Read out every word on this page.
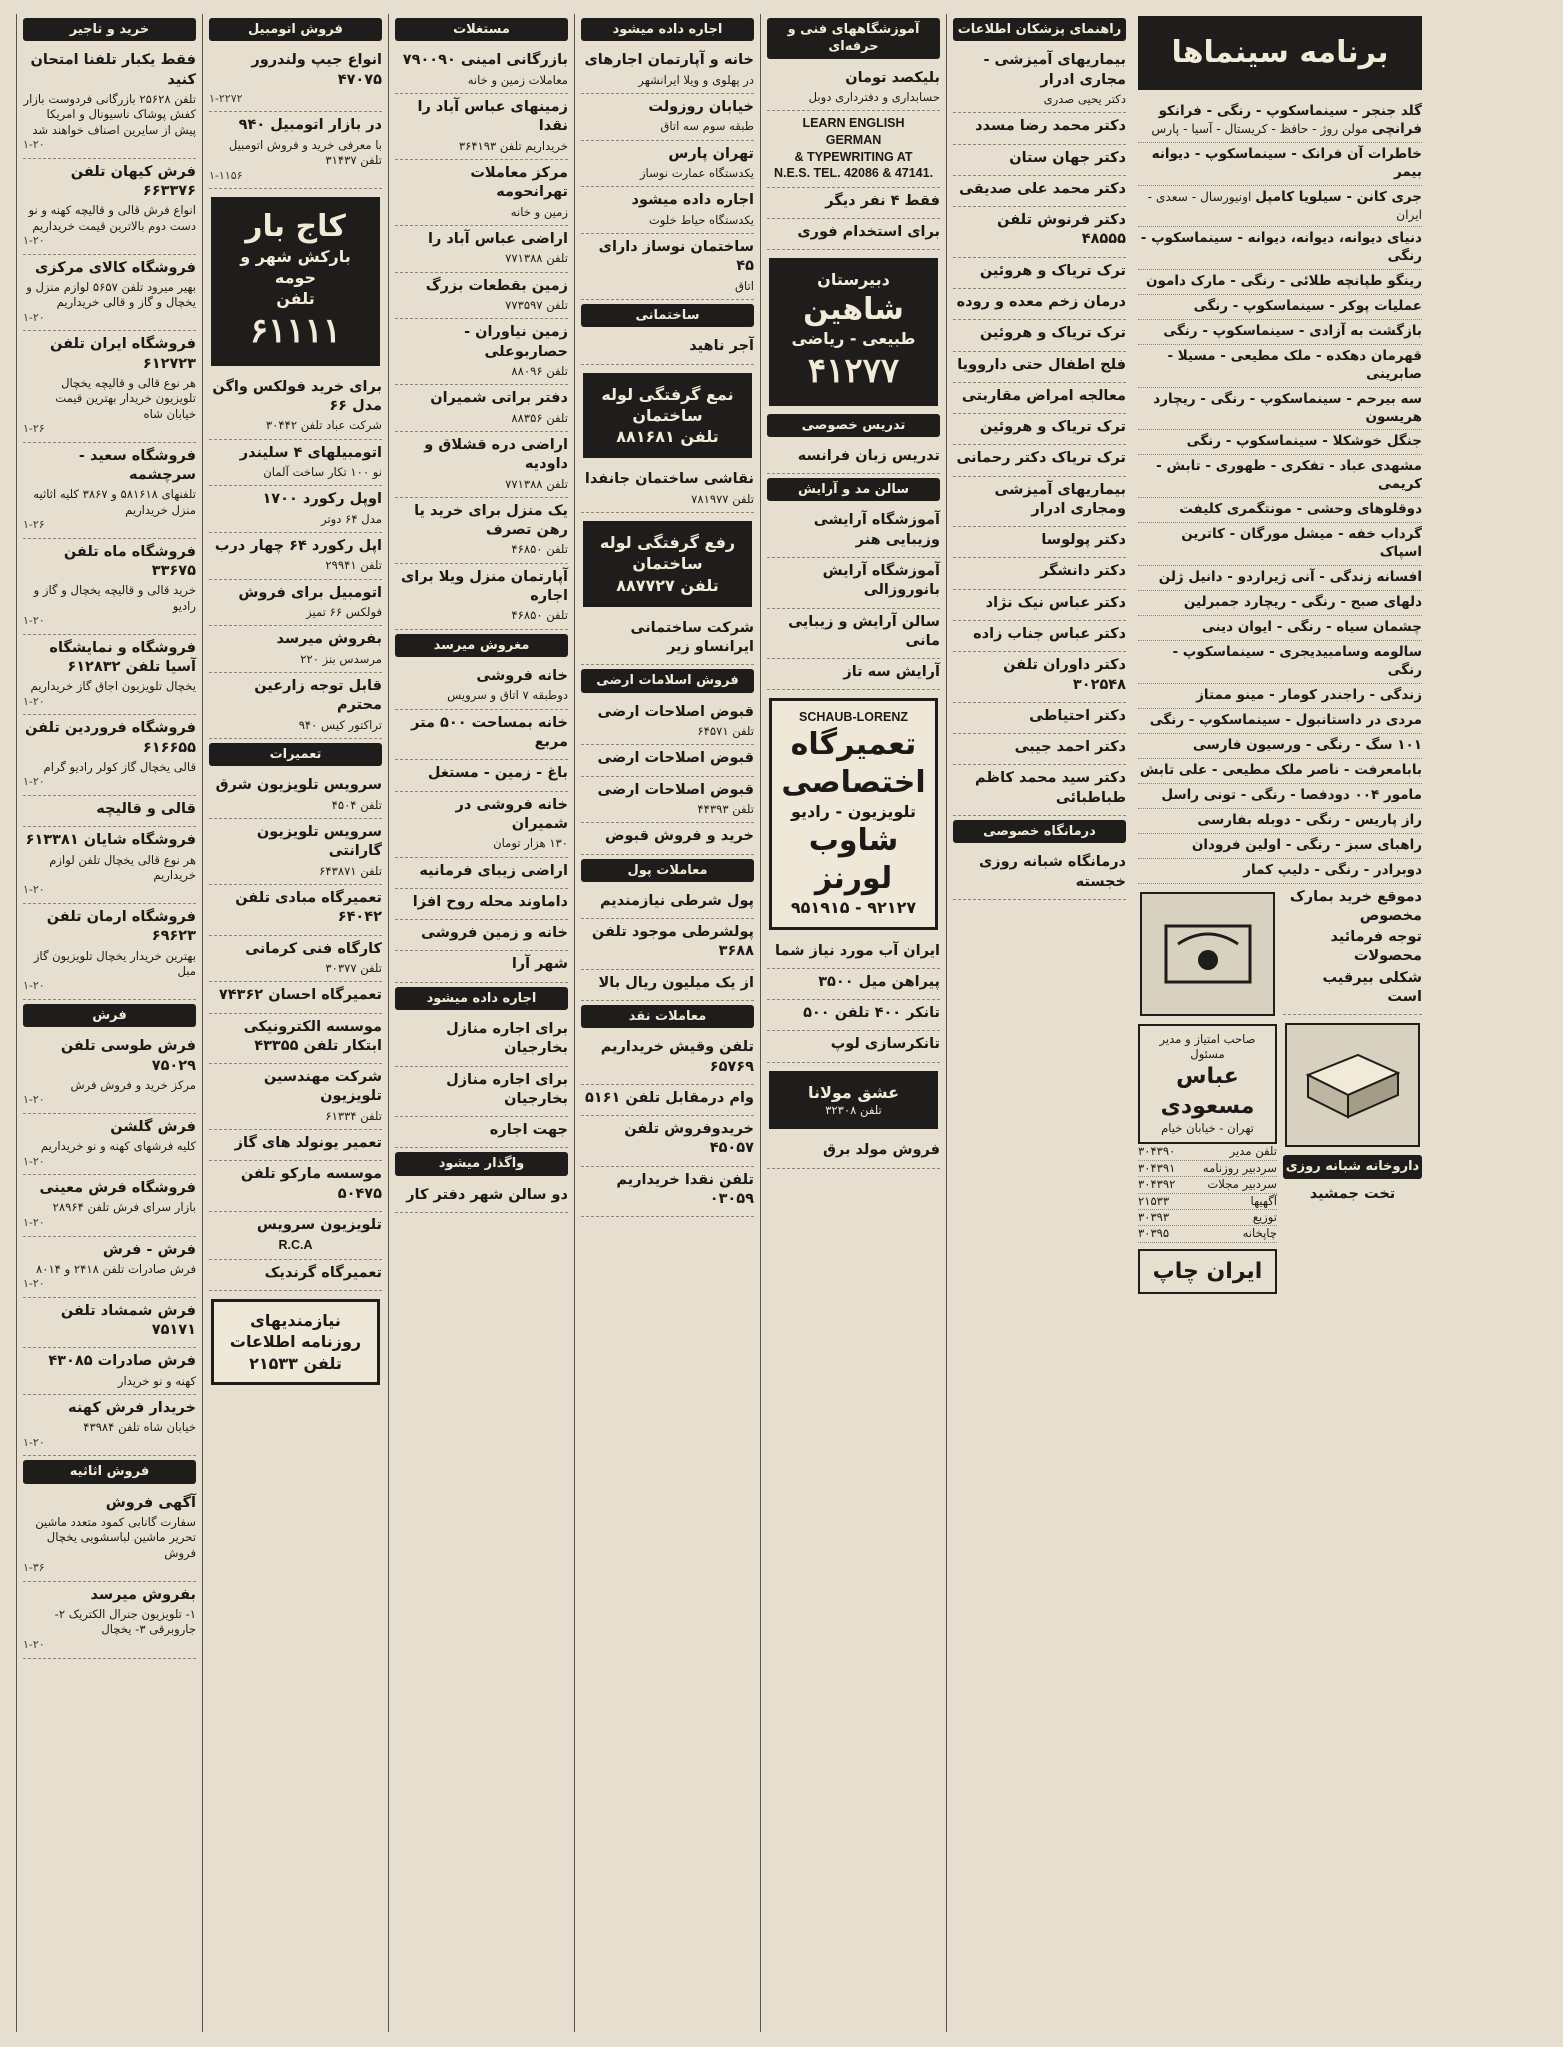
خرید و تاجیر
فقط یکبار تلفنا امتحان کنید
تلفن ۲۵۶۲۸ بازرگانی فردوست بازار کفش پوشاک ناسیونال و امریکا پیش از سایرین اصناف خواهند شد
۱-۲۰
فرش کیهان تلفن ۶۶۳۳۷۶
انواع فرش قالی و قالیچه کهنه و نو دست دوم بالاترین قیمت خریداریم
۱-۲۰
فروشگاه کالای مرکزی
بهیر میرود تلفن ۵۶۵۷ لوازم منزل و یخچال و گاز و قالی خریداریم
۱-۲۰
فروشگاه ایران تلفن ۶۱۲۷۲۳
هر نوع قالی و قالیچه یخچال تلویزیون خریدار بهترین قیمت خیابان شاه
۱-۲۶
فروشگاه سعید - سرچشمه
تلفنهای ۵۸۱۶۱۸ و ۳۸۶۷ کلیه اثاثیه منزل خریداریم
۱-۲۶
فروشگاه ماه تلفن ۳۳۶۷۵
خرید قالی و قالیچه یخچال و گاز و رادیو
۱-۲۰
فروشگاه و نمایشگاه آسیا تلفن ۶۱۲۸۳۲
یخچال تلویزیون اجاق گاز خریداریم
۱-۲۰
فروشگاه فروردین تلفن ۶۱۶۶۵۵
قالی یخچال گاز کولر رادیو گرام
۱-۲۰
قالی و قالیچه
فروشگاه شایان ۶۱۳۳۸۱
هر نوع قالی یخچال تلفن لوازم خریداریم
۱-۲۰
فروشگاه ارمان تلفن ۶۹۶۲۳
بهترین خریدار یخچال تلویزیون گاز مبل
۱-۲۰
فرش
فرش طوسی تلفن ۷۵۰۲۹
مرکز خرید و فروش فرش
۱-۲۰
فرش گلشن
کلیه فرشهای کهنه و نو خریداریم
۱-۲۰
فروشگاه فرش معینی
بازار سرای فرش تلفن ۲۸۹۶۴
۱-۲۰
فرش - فرش
فرش صادرات تلفن ۲۴۱۸ و ۸۰۱۴
۱-۲۰
فرش شمشاد تلفن ۷۵۱۷۱
فرش صادرات ۴۳۰۸۵
کهنه و نو خریدار
خریدار فرش کهنه
خیابان شاه تلفن ۴۳۹۸۴
۱-۲۰
فروش اثاثیه
آگهی فروش
سفارت گانابی کمود متعدد ماشین تحریر ماشین لباسشویی یخچال فروش
۱-۳۶
بفروش میرسد
۱- تلویزیون جنرال الکتریک ۲- جاروبرقی ۳- یخچال
۱-۲۰
فروش اتومبیل
انواع جیپ ولندرور ۴۷۰۷۵
۱-۲۲۷۲
در بازار اتومبیل ۹۴۰
با معرفی خرید و فروش اتومبیل تلفن ۳۱۴۳۷
۱-۱۱۵۶
کاج بار
بارکش شهر و حومه
تلفن
۶۱۱۱۱
برای خرید فولکس واگن مدل ۶۶
شرکت عباد تلفن ۳۰۴۴۲
اتومبیلهای ۴ سلیندر
نو ۱۰۰ تکار ساخت آلمان
اوپل رکورد ۱۷۰۰
مدل ۶۴ دوتر
اپل رکورد ۶۴ چهار درب
تلفن ۲۹۹۴۱
اتومبیل برای فروش
فولکس ۶۶ تمیز
بفروش میرسد
مرسدس بنز ۲۲۰
قابل توجه زارعین محترم
تراکتور کیس ۹۴۰
تعمیرات
سرویس تلویزیون شرق
تلفن ۴۵۰۴
سرویس تلویزیون گارانتی
تلفن ۶۴۳۸۷۱
تعمیرگاه مبادی تلفن ۶۴۰۴۲
کارگاه فنی کرمانی
تلفن ۳۰۳۷۷
تعمیرگاه احسان ۷۴۳۶۲
موسسه الکترونیکی ابتکار تلفن ۴۳۳۵۵
شرکت مهندسین تلویزیون
تلفن ۶۱۳۳۴
تعمیر یونولد های گاز
موسسه مارکو تلفن ۵۰۴۷۵
تلویزیون سرویس
R.C.A
تعمیرگاه گرندیک
نیازمندیهای
روزنامه اطلاعات
تلفن ۲۱۵۳۳
مستغلات
بازرگانی امینی ۷۹۰۰۹۰
معاملات زمین و خانه
زمینهای عباس آباد را نقدا
خریداریم تلفن ۳۶۴۱۹۳
مرکز معاملات تهرانحومه
زمین و خانه
اراضی عباس آباد را
تلفن ۷۷۱۳۸۸
زمین بقطعات بزرگ
تلفن ۷۷۳۵۹۷
زمین نیاوران - حصاربوعلی
تلفن ۸۸۰۹۶
دفتر براتی شمیران
تلفن ۸۸۳۵۶
اراضی دره قشلاق و داودیه
تلفن ۷۷۱۳۸۸
یک منزل برای خرید یا رهن تصرف
تلفن ۴۶۸۵۰
آپارتمان منزل ویلا برای اجاره
تلفن ۴۶۸۵۰
مغروش میرسد
خانه فروشی
دوطبقه ۷ اتاق و سرویس
خانه بمساحت ۵۰۰ متر مربع
باغ - زمین - مستغل
خانه فروشی در شمیران
۱۳۰ هزار تومان
اراضی زیبای فرمانیه
داماوند محله روح افزا
خانه و زمین فروشی
شهر آرا
اجاره داده میشود
برای اجاره منازل بخارجیان
برای اجاره منازل بخارجیان
جهت اجاره
واگذار میشود
دو سالن شهر دفتر کار
اجاره داده میشود
خانه و آپارتمان اجارهای
در پهلوی و ویلا ایرانشهر
خیابان روزولت
طبقه سوم سه اتاق
تهران پارس
یکدستگاه عمارت نوساز
اجاره داده میشود
یکدستگاه حیاط خلوت
ساختمان نوساز دارای ۴۵
اتاق
ساختمانی
آجر ناهید
نمع گرفتگی لوله ساختمان
تلفن ۸۸۱۶۸۱
نقاشی ساختمان جانفدا
تلفن ۷۸۱۹۷۷
رفع گرفتگی لوله ساختمان
تلفن ۸۸۷۷۲۷
شرکت ساختمانی ایرانساو زیر
فروش اسلامات ارضی
قبوض اصلاحات ارضی
تلفن ۶۴۵۷۱
قبوض اصلاحات ارضی
قبوض اصلاحات ارضی
تلفن ۴۴۳۹۳
خرید و فروش قبوض
معاملات پول
پول شرطی نیازمندیم
پولشرطی موجود تلفن ۳۶۸۸
از یک میلیون ریال بالا
معاملات نقد
تلفن وقیش خریداریم ۶۵۷۶۹
وام درمقابل تلفن ۵۱۶۱
خریدوفروش تلفن ۴۵۰۵۷
تلفن نقدا خریداریم ۰۳۰۵۹
آموزشگاههای فنی و حرفه‌ای
بلیکصد تومان
حسابداری و دفترداری دوبل
LEARN ENGLISH
GERMAN
& TYPEWRITING AT
N.E.S. TEL. 42086 & 47141.
فقط ۴ نفر دیگر
برای استخدام فوری
دبیرستان
شاهین
طبیعی - ریاضی
۴۱۲۷۷
تدریس خصوصی
تدریس زبان فرانسه
سالن مد و آرایش
آموزشگاه آرایشی وزیبایی هنر
آموزشگاه آرایش بانوروزالی
سالن آرایش و زیبایی مانی
آرایش سه تاز
SCHAUB-LORENZ
تعمیرگاه اختصاصی
تلویزیون - رادیو
شاوب لورنز
۹۲۱۲۷ - ۹۵۱۹۱۵
ایران آب مورد نیاز شما
پیراهن میل ۳۵۰۰
تانکر ۴۰۰ تلفن ۵۰۰
تانکرسازی لوپ
عشق مولانا
تلفن ۳۲۳۰۸
فروش مولد برق
راهنمای پزشکان اطلاعات
بیماریهای آمیزشی - مجاری ادرار
دکتر یحیی صدری
دکتر محمد رضا مسدد
دکتر جهان ستان
دکتر محمد علی صدیقی
دکتر فرنوش تلفن ۴۸۵۵۵
ترک تریاک و هروئین
درمان زخم معده و روده
ترک تریاک و هروئین
فلج اطفال حتی داروویا
معالجه امراض مقاربتی
ترک تریاک و هروئین
ترک تریاک دکتر رحمانی
بیماریهای آمیزشی ومجاری ادرار
دکتر پولوسا
دکتر دانشگر
دکتر عباس نیک نژاد
دکتر عباس جناب زاده
دکتر داوران تلفن ۳۰۲۵۴۸
دکتر احتیاطی
دکتر احمد جیبی
دکتر سید محمد کاظم طباطبائی
درمانگاه خصوصی
درمانگاه شبانه روزی خجسته
برنامه سینماها
گلد جنجر - سینماسکوپ - رنگی - فرانکو فرانچی مولن روژ - حافظ - کریستال - آسیا - پارس
خاطرات آن فرانک - سینماسکوپ - دیوانه بیمر
جری کانن - سیلویا کامپل اونیورسال - سعدی - ایران
دنیای دیوانه، دیوانه، دیوانه - سینماسکوپ - رنگی
رینگو طپانچه طلائی - رنگی - مارک دامون
عملیات پوکر - سینماسکوپ - رنگی
بازگشت به آزادی - سینماسکوپ - رنگی
قهرمان دهکده - ملک مطیعی - مسیلا - صابرینی
سه بیرحم - سینماسکوپ - رنگی - ریچارد هریسون
جنگل خوشکلا - سینماسکوپ - رنگی
مشهدی عباد - تفکری - طهوری - تابش - کریمی
دوقلوهای وحشی - مونتگمری کلیفت
گرداب خفه - میشل مورگان - کاترین اسپاک
افسانه زندگی - آنی ژیراردو - دانیل ژلن
دلهای صبح - رنگی - ریچارد جمبرلین
چشمان سیاه - رنگی - ایوان دینی
سالومه وسامبیدیجری - سینماسکوپ - رنگی
زندگی - راجندر کومار - مینو ممتاز
مردی در داستانبول - سینماسکوپ - رنگی
۱۰۱ سگ - رنگی - ورسیون فارسی
بابامعرفت - ناصر ملک مطیعی - علی تابش
مامور ۰۰۴ دودفصا - رنگی - تونی راسل
راز پاریس - رنگی - دوبله بفارسی
راهبای سبز - رنگی - اولین فرودان
دوبرادر - رنگی - دلیپ کمار
صاحب امتیاز و مدیر مسئول
عباس مسعودی
تهران - خیابان خیام
تلفن مدیر
۳۰۴۳۹۰
سردبیر روزنامه
۳۰۴۳۹۱
سردبیر مجلات
۳۰۴۳۹۲
آگهیها
۲۱۵۳۳
توزیع
۳۰۳۹۳
چاپخانه
۳۰۳۹۵
ایران چاپ
دموقع خرید بمارک مخصوص
توجه فرمائید محصولات
شکلی بیرقیب است
داروخانه شبانه روزی
تخت جمشید
